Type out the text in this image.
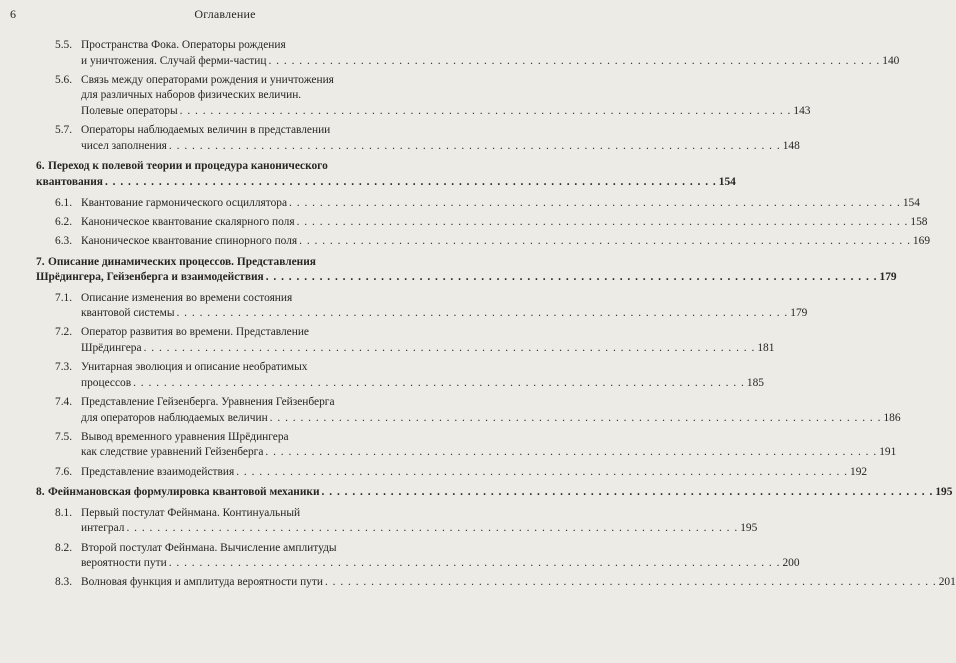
6	Оглавление
5.5. Пространства Фока. Операторы рождения
и уничтожения. Случай ферми-частиц . . . . . . . . . . . . . . . . . . . . . . . . . . . . . . . . . . . . . . . . . . . . . . . . . . . . . . . . . . . . . . . . . . . . . . . . . . . . . . . . 140
5.6. Связь между операторами рождения и уничтожения
для различных наборов физических величин.
Полевые операторы . . . . . . . . . . . . . . . . . . . . . . . . . . . . . . . . . . . . . . . . . . . . . . . . . . . . . . . . . . . . . . . . . . . . . . . . . . . . . . . . 143
5.7. Операторы наблюдаемых величин в представлении
чисел заполнения . . . . . . . . . . . . . . . . . . . . . . . . . . . . . . . . . . . . . . . . . . . . . . . . . . . . . . . . . . . . . . . . . . . . . . . . . . . . . . . . 148
6. Переход к полевой теории и процедура канонического
квантования . . . . . . . . . . . . . . . . . . . . . . . . . . . . . . . . . . . . . . . . . . . . . . . . . . . . . . . . . . . . . . . . . . . . . . . . . . . . . . . . 154
6.1. Квантование гармонического осциллятора . . . . . . . . . . . . . . . . . . . . . . . . . . . . . . . . . . . . . . . . . . . . . . . . . . . . . . . . . . . . . . . . . . . . . . . . . . . . . . . . 154
6.2. Каноническое квантование скалярного поля . . . . . . . . . . . . . . . . . . . . . . . . . . . . . . . . . . . . . . . . . . . . . . . . . . . . . . . . . . . . . . . . . . . . . . . . . . . . . . . . 158
6.3. Каноническое квантование спинорного поля . . . . . . . . . . . . . . . . . . . . . . . . . . . . . . . . . . . . . . . . . . . . . . . . . . . . . . . . . . . . . . . . . . . . . . . . . . . . . . . . 169
7. Описание динамических процессов. Представления
Шрёдингера, Гейзенберга и взаимодействия . . . . . . . . . . . . . . . . . . . . . . . . . . . . . . . . . . . . . . . . . . . . . . . . . . . . . . . . . . . . . . . . . . . . . . . . . . . . . . . . 179
7.1. Описание изменения во времени состояния
квантовой системы . . . . . . . . . . . . . . . . . . . . . . . . . . . . . . . . . . . . . . . . . . . . . . . . . . . . . . . . . . . . . . . . . . . . . . . . . . . . . . . . 179
7.2. Оператор развития во времени. Представление
Шрёдингера . . . . . . . . . . . . . . . . . . . . . . . . . . . . . . . . . . . . . . . . . . . . . . . . . . . . . . . . . . . . . . . . . . . . . . . . . . . . . . . . 181
7.3. Унитарная эволюция и описание необратимых
процессов . . . . . . . . . . . . . . . . . . . . . . . . . . . . . . . . . . . . . . . . . . . . . . . . . . . . . . . . . . . . . . . . . . . . . . . . . . . . . . . . 185
7.4. Представление Гейзенберга. Уравнения Гейзенберга
для операторов наблюдаемых величин . . . . . . . . . . . . . . . . . . . . . . . . . . . . . . . . . . . . . . . . . . . . . . . . . . . . . . . . . . . . . . . . . . . . . . . . . . . . . . . . 186
7.5. Вывод временного уравнения Шрёдингера
как следствие уравнений Гейзенберга . . . . . . . . . . . . . . . . . . . . . . . . . . . . . . . . . . . . . . . . . . . . . . . . . . . . . . . . . . . . . . . . . . . . . . . . . . . . . . . . 191
7.6. Представление взаимодействия . . . . . . . . . . . . . . . . . . . . . . . . . . . . . . . . . . . . . . . . . . . . . . . . . . . . . . . . . . . . . . . . . . . . . . . . . . . . . . . . 192
8. Фейнмановская формулировка квантовой механики . . . . . . . . . . . . . . . . . . . . . . . . . . . . . . . . . . . . . . . . . . . . . . . . . . . . . . . . . . . . . . . . . . . . . . . . . . . . . . . . 195
8.1. Первый постулат Фейнмана. Континуальный
интеграл . . . . . . . . . . . . . . . . . . . . . . . . . . . . . . . . . . . . . . . . . . . . . . . . . . . . . . . . . . . . . . . . . . . . . . . . . . . . . . . . 195
8.2. Второй постулат Фейнмана. Вычисление амплитуды
вероятности пути . . . . . . . . . . . . . . . . . . . . . . . . . . . . . . . . . . . . . . . . . . . . . . . . . . . . . . . . . . . . . . . . . . . . . . . . . . . . . . . . 200
8.3. Волновая функция и амплитуда вероятности пути . . . . . . . . . . . . . . . . . . . . . . . . . . . . . . . . . . . . . . . . . . . . . . . . . . . . . . . . . . . . . . . . . . . . . . . . . . . . . . . . 201
